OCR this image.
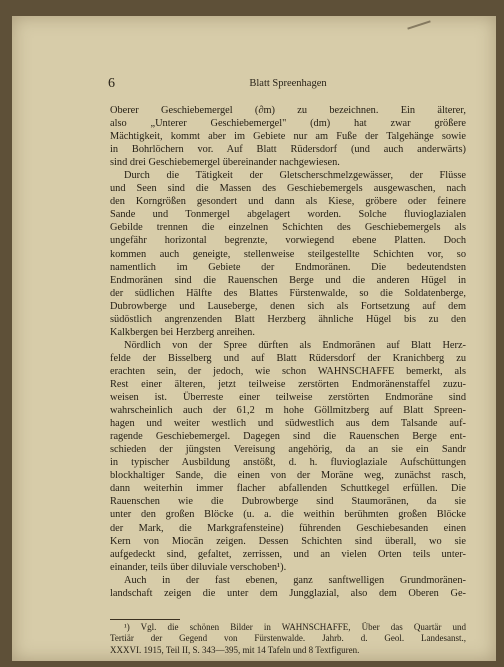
6	Blatt Spreenhagen
Oberer Geschiebemergel (∂m) zu bezeichnen. Ein älterer,
also „Unterer Geschiebemergel" (dm) hat zwar größere
Mächtigkeit, kommt aber im Gebiete nur am Fuße der Talgehänge sowie
in Bohrlöchern vor. Auf Blatt Rüdersdorf (und auch anderwärts)
sind drei Geschiebemergel übereinander nachgewiesen.
Durch die Tätigkeit der Gletscherschmelzgewässer, der Flüsse
und Seen sind die Massen des Geschiebemergels ausgewaschen, nach
den Korngrößen gesondert und dann als Kiese, gröbere oder feinere
Sande und Tonmergel abgelagert worden. Solche fluvioglazialen
Gebilde trennen die einzelnen Schichten des Geschiebemergels als
ungefähr horizontal begrenzte, vorwiegend ebene Platten. Doch
kommen auch geneigte, stellenweise steilgestellte Schichten vor, so
namentlich im Gebiete der Endmoränen. Die bedeutendsten
Endmoränen sind die Rauenschen Berge und die anderen Hügel in
der südlichen Hälfte des Blattes Fürstenwalde, so die Soldatenberge,
Dubrowberge und Lauseberge, denen sich als Fortsetzung auf dem
südöstlich angrenzenden Blatt Herzberg ähnliche Hügel bis zu den
Kalkbergen bei Herzberg anreihen.
Nördlich von der Spree dürften als Endmoränen auf Blatt Herz-
felde der Bisselberg und auf Blatt Rüdersdorf der Kranichberg zu
erachten sein, der jedoch, wie schon WAHNSCHAFFE bemerkt, als
Rest einer älteren, jetzt teilweise zerstörten Endmoränenstaffel zuzu-
weisen ist. Überreste einer teilweise zerstörten Endmoräne sind
wahrscheinlich auch der 61,2 m hohe Göllmitzberg auf Blatt Spreen-
hagen und weiter westlich und südwestlich aus dem Talsande auf-
ragende Geschiebemergel. Dagegen sind die Rauenschen Berge ent-
schieden der jüngsten Vereisung angehörig, da an sie ein Sandr
in typischer Ausbildung anstößt, d. h. fluvioglaziale Aufschüttungen
blockhaltiger Sande, die einen von der Moräne weg, zunächst rasch,
dann weiterhin immer flacher abfallenden Schuttkegel erfüllen. Die
Rauenschen wie die Dubrowberge sind Staumoränen, da sie
unter den großen Blöcke (u. a. die weithin berühmten großen Blöcke
der Mark, die Markgrafensteine) führenden Geschiebesanden einen
Kern von Miocän zeigen. Dessen Schichten sind überall, wo sie
aufgedeckt sind, gefaltet, zerrissen, und an vielen Orten teils unter-
einander, teils über diluviale verschoben¹).
Auch in der fast ebenen, ganz sanftwelligen Grundmoränen-
landschaft zeigen die unter dem Jungglazial, also dem Oberen Ge-
¹) Vgl. die schönen Bilder in WAHNSCHAFFE, Über das Quartär und
Tertiär der Gegend von Fürstenwalde. Jahrb. d. Geol. Landesanst.,
XXXVI. 1915, Teil II, S. 343—395, mit 14 Tafeln und 8 Textfiguren.
